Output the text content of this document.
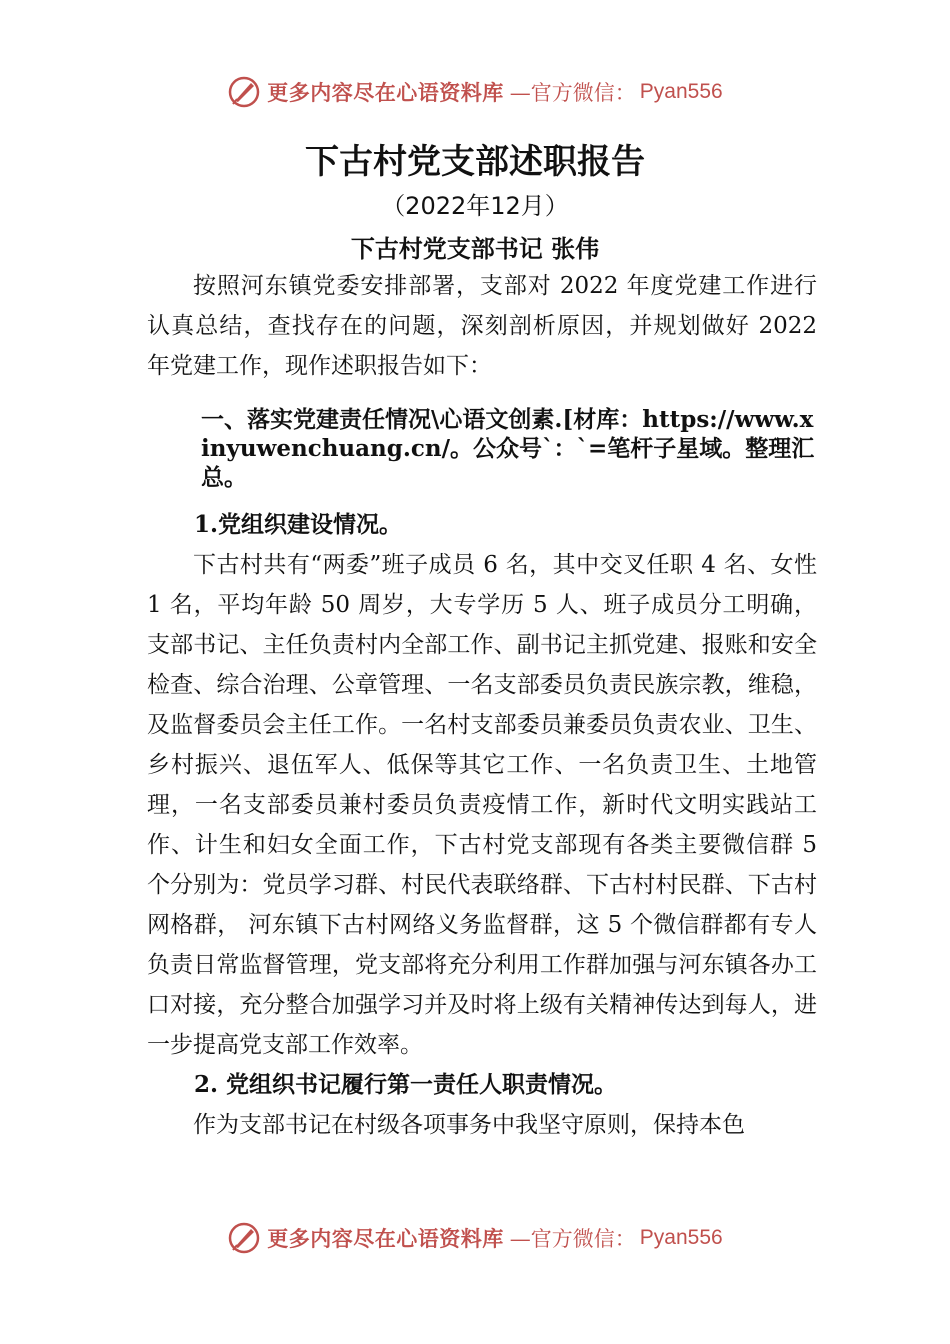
更多内容尽在心语资料库 —官方微信： Pyan556
下古村党支部述职报告
（2022年12月）
下古村党支部书记 张伟

按照河东镇党委安排部署，支部对 2022 年度党建工作进行认真总结，查找存在的问题，深刻剖析原因，并规划做好 2022 年党建工作，现作述职报告如下：

一、落实党建责任情况\心语文创素.[材库：https://www.xinyuwenchuang.cn/。公众号`：`=笔杆子星域。整理汇总。

1.党组织建设情况。

下古村共有“两委”班子成员 6 名，其中交叉任职 4 名、女性 1 名，平均年龄 50 周岁，大专学历 5 人、班子成员分工明确，支部书记、主任负责村内全部工作、副书记主抓党建、报账和安全检查、综合治理、公章管理、一名支部委员负责民族宗教，维稳，及监督委员会主任工作。一名村支部委员兼委员负责农业、卫生、乡村振兴、退伍军人、低保等其它工作、一名负责卫生、土地管理，一名支部委员兼村委员负责疫情工作，新时代文明实践站工作、计生和妇女全面工作，下古村党支部现有各类主要微信群 5 个分别为：党员学习群、村民代表联络群、下古村村民群、下古村网格群， 河东镇下古村网络义务监督群，这 5 个微信群都有专人负责日常监督管理，党支部将充分利用工作群加强与河东镇各办工口对接，充分整合加强学习并及时将上级有关精神传达到每人，进一步提高党支部工作效率。

2. 党组织书记履行第一责任人职责情况。

作为支部书记在村级各项事务中我坚守原则，保持本色

更多内容尽在心语资料库 —官方微信： Pyan556
